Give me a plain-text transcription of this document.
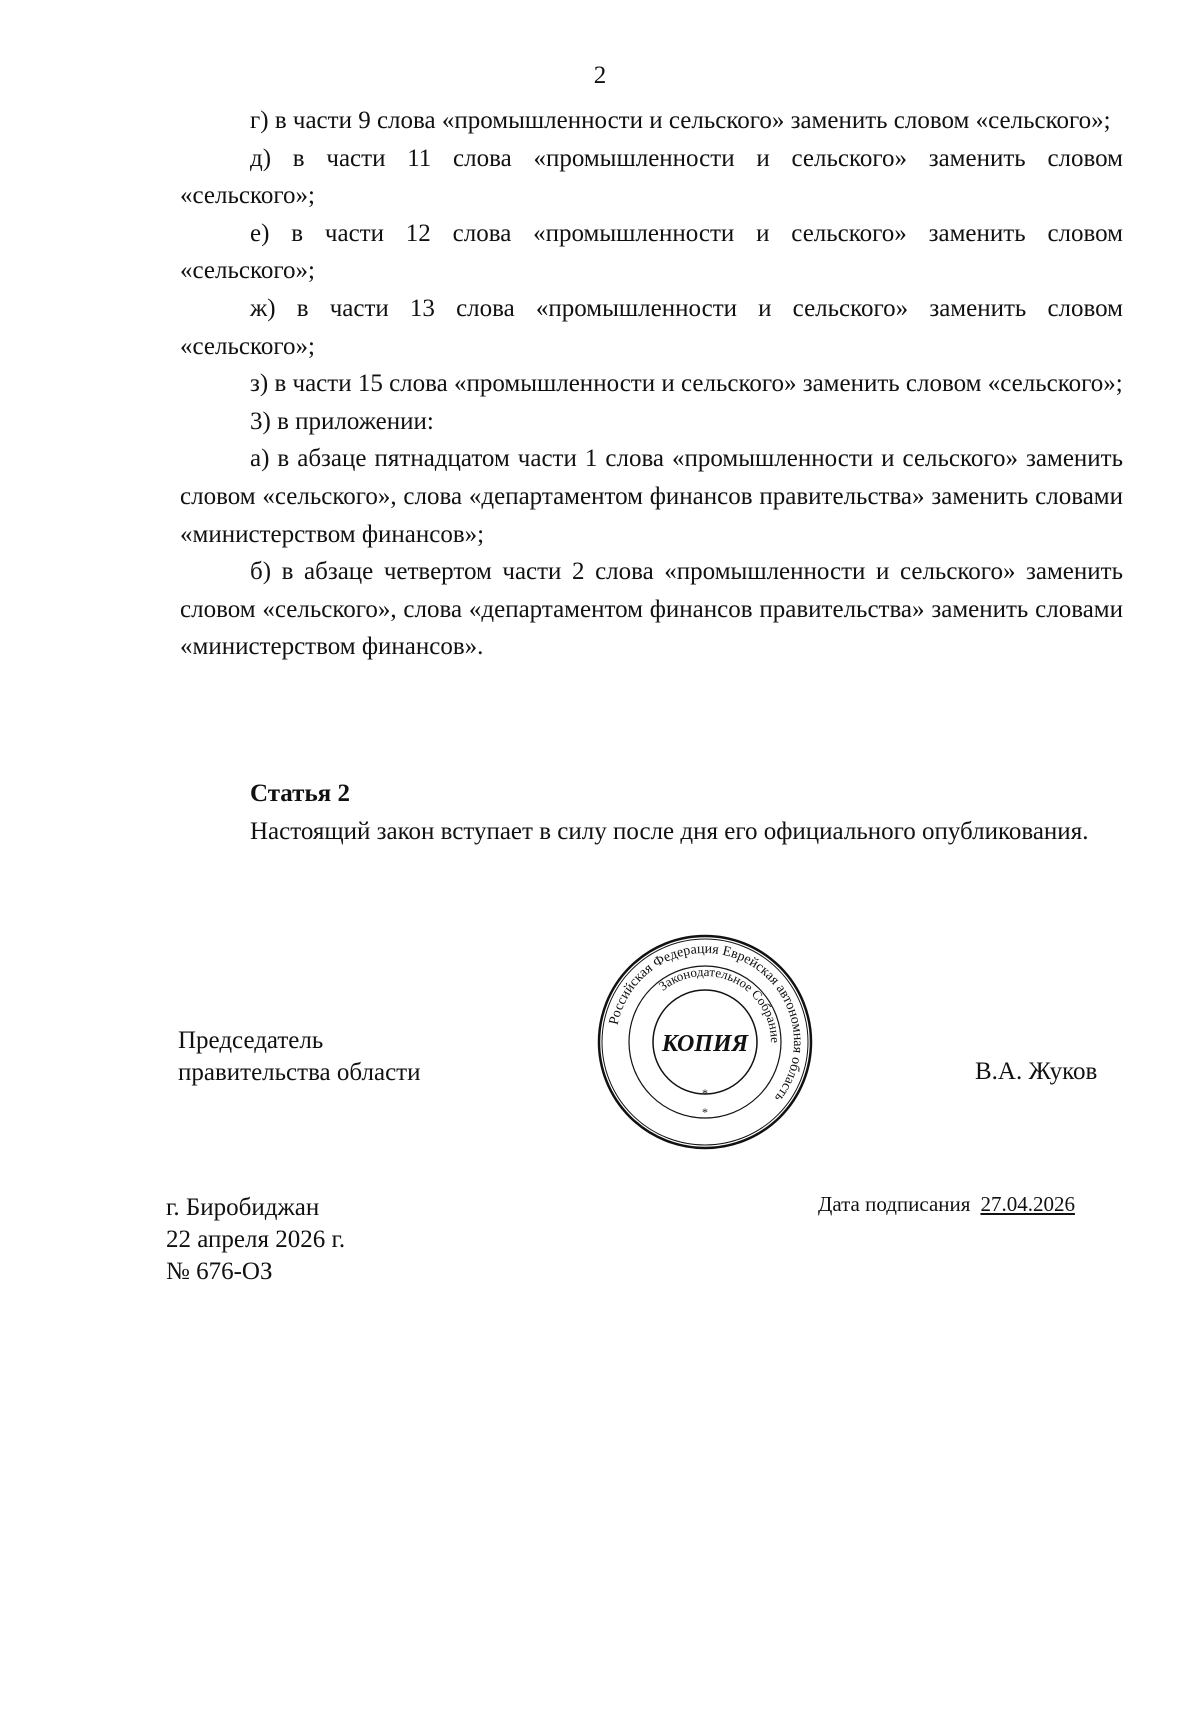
2

г) в части 9 слова «промышленности и сельского» заменить словом «сельского»;

д) в части 11 слова «промышленности и сельского» заменить словом «сельского»;

е) в части 12 слова «промышленности и сельского» заменить словом «сельского»;

ж) в части 13 слова «промышленности и сельского» заменить словом «сельского»;

з) в части 15 слова «промышленности и сельского» заменить словом «сельского»;

3) в приложении:

а) в абзаце пятнадцатом части 1 слова «промышленности и сельского» заменить словом «сельского», слова «департаментом финансов правительства» заменить словами «министерством финансов»;

б) в абзаце четвертом части 2 слова «промышленности и сельского» заменить словом «сельского», слова «департаментом финансов правительства» заменить словами «министерством финансов».

Статья 2

Настоящий закон вступает в силу после дня его официального опубликования.

Председатель
правительства области
Российская Федерация Еврейская автономная область
Законодательное Собрание
КОПИЯ
*
*
В.А. Жуков
г. Биробиджан
22 апреля 2026 г.
№ 676-ОЗ
Дата подписания 27.04.2026
